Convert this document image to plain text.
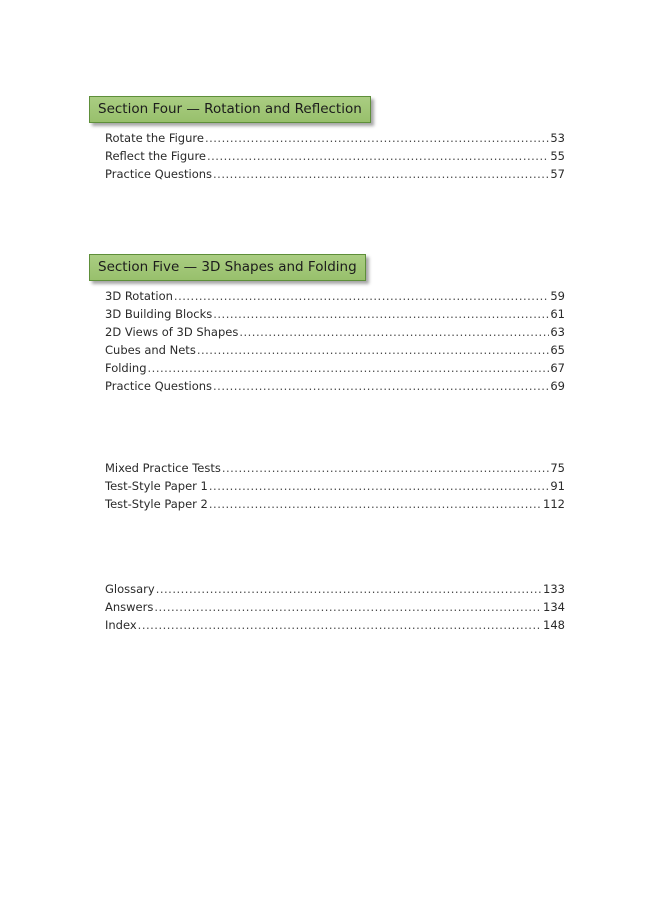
Section Four — Rotation and Reflection
Rotate the Figure .....	53
Reflect the Figure .....	55
Practice Questions .....	57
Section Five — 3D Shapes and Folding
3D Rotation .....	59
3D Building Blocks .....	61
2D Views of 3D Shapes .....	63
Cubes and Nets .....	65
Folding .....	67
Practice Questions .....	69
Mixed Practice Tests .....	75
Test-Style Paper 1 .....	91
Test-Style Paper 2 .....	112
Glossary .....	133
Answers .....	134
Index .....	148
